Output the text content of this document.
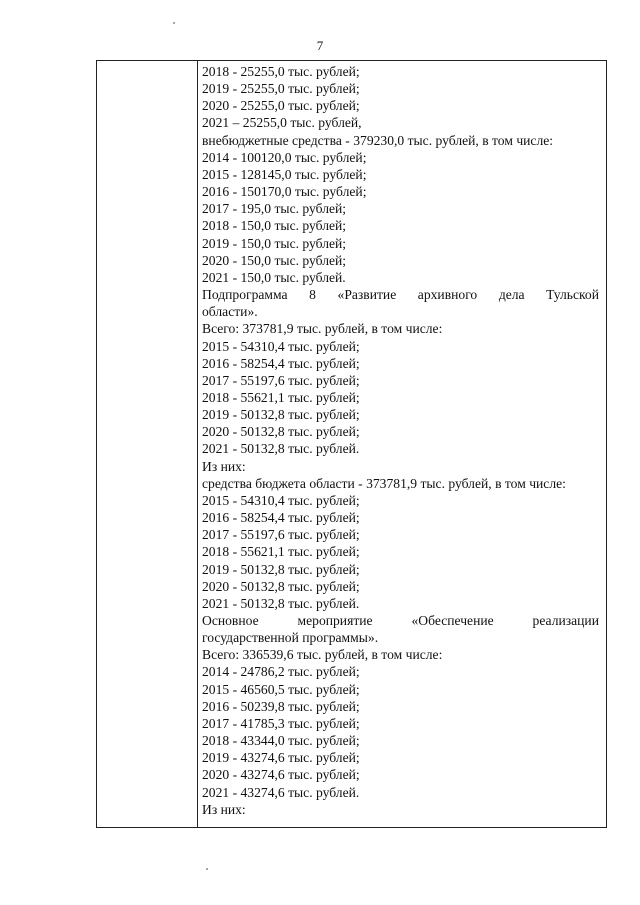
7
2018 - 25255,0 тыс. рублей;
2019 - 25255,0 тыс. рублей;
2020 - 25255,0 тыс. рублей;
2021 – 25255,0 тыс. рублей,
внебюджетные средства - 379230,0 тыс. рублей, в том числе:
2014 - 100120,0 тыс. рублей;
2015 - 128145,0 тыс. рублей;
2016 - 150170,0 тыс. рублей;
2017 - 195,0 тыс. рублей;
2018 - 150,0 тыс. рублей;
2019 - 150,0 тыс. рублей;
2020 - 150,0 тыс. рублей;
2021 - 150,0 тыс. рублей.
Подпрограмма 8 «Развитие архивного дела Тульской
области».
Всего: 373781,9 тыс. рублей, в том числе:
2015 - 54310,4 тыс. рублей;
2016 - 58254,4 тыс. рублей;
2017 - 55197,6 тыс. рублей;
2018 - 55621,1 тыс. рублей;
2019 - 50132,8 тыс. рублей;
2020 - 50132,8 тыс. рублей;
2021 - 50132,8 тыс. рублей.
Из них:
средства бюджета области - 373781,9 тыс. рублей, в том числе:
2015 - 54310,4 тыс. рублей;
2016 - 58254,4 тыс. рублей;
2017 - 55197,6 тыс. рублей;
2018 - 55621,1 тыс. рублей;
2019 - 50132,8 тыс. рублей;
2020 - 50132,8 тыс. рублей;
2021 - 50132,8 тыс. рублей.
Основное мероприятие «Обеспечение реализации
государственной программы».
Всего: 336539,6 тыс. рублей, в том числе:
2014 - 24786,2 тыс. рублей;
2015 - 46560,5 тыс. рублей;
2016 - 50239,8 тыс. рублей;
2017 - 41785,3 тыс. рублей;
2018 - 43344,0 тыс. рублей;
2019 - 43274,6 тыс. рублей;
2020 - 43274,6 тыс. рублей;
2021 - 43274,6 тыс. рублей.
Из них:
